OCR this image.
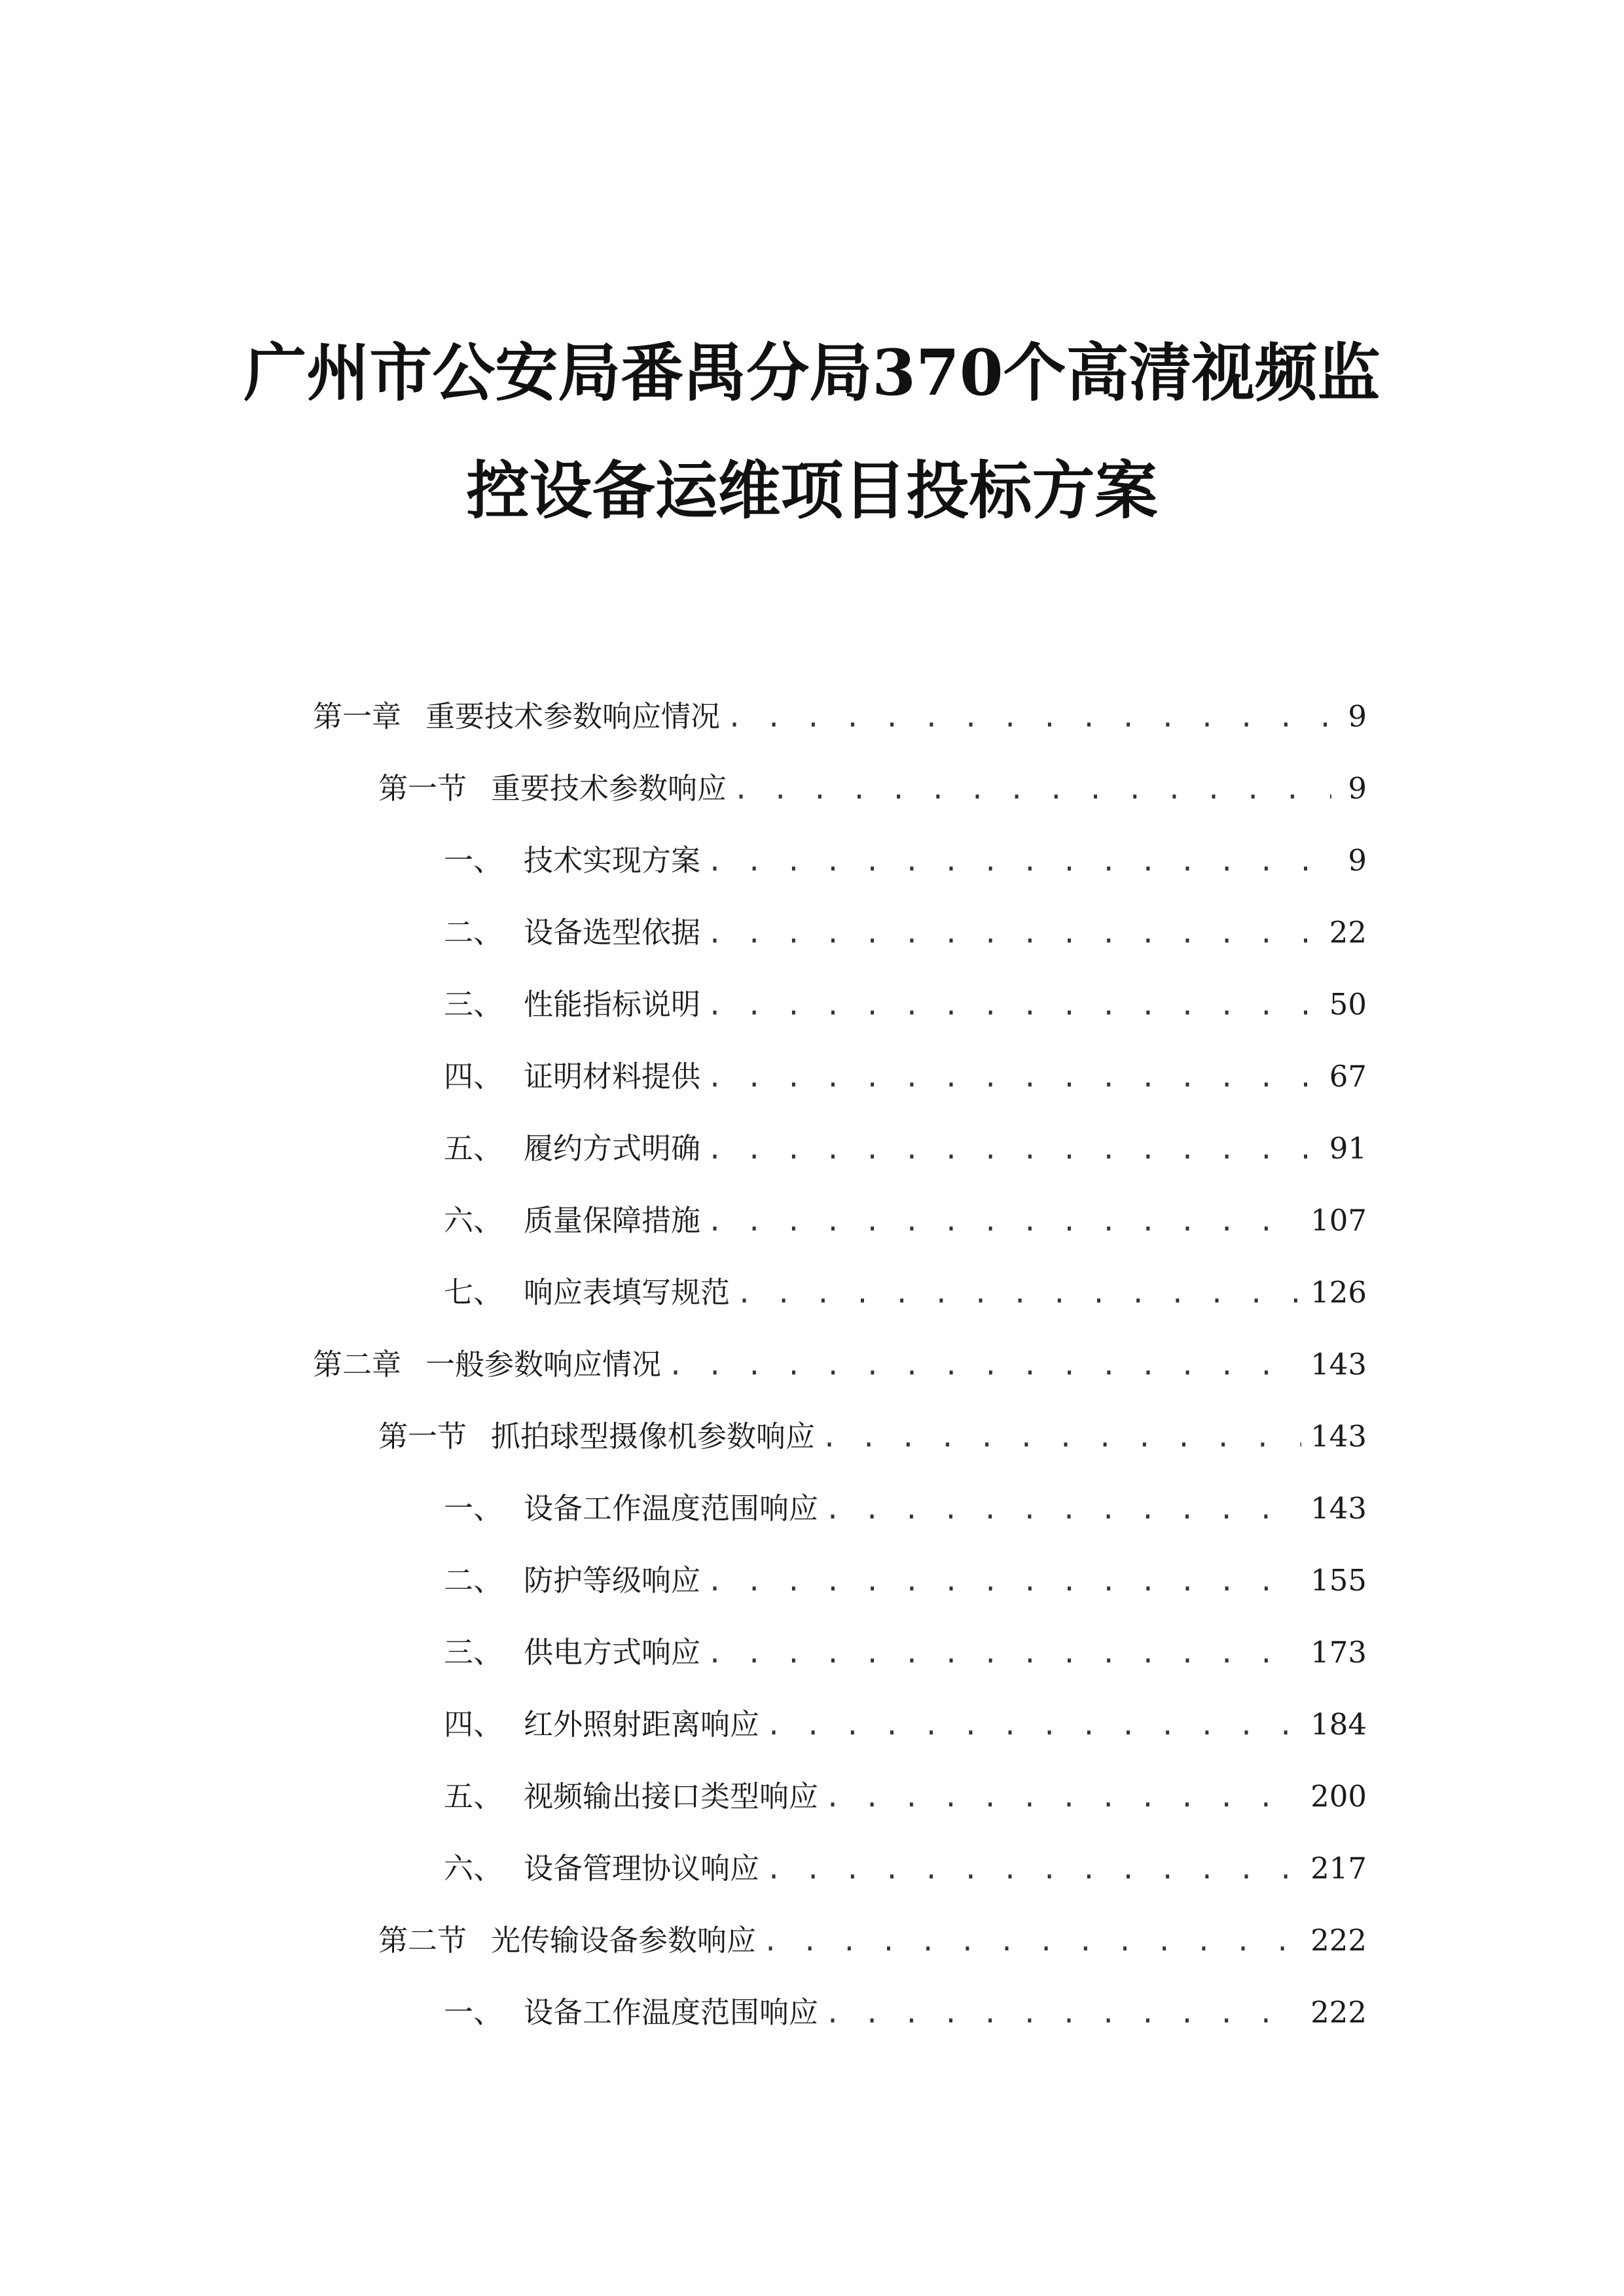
广州市公安局番禺分局370个高清视频监
控设备运维项目投标方案
第一章 重要技术参数响应情况 . . .	9
第一节 重要技术参数响应 . . .	9
一、 技术实现方案 . . .	9
二、 设备选型依据 . . .	22
三、 性能指标说明 . . .	50
四、 证明材料提供 . . .	67
五、 履约方式明确 . . .	91
六、 质量保障措施 . . .	107
七、 响应表填写规范 . . .	126
第二章 一般参数响应情况 . . .	143
第一节 抓拍球型摄像机参数响应 . . .	143
一、 设备工作温度范围响应 . . .	143
二、 防护等级响应 . . .	155
三、 供电方式响应 . . .	173
四、 红外照射距离响应 . . .	184
五、 视频输出接口类型响应 . . .	200
六、 设备管理协议响应 . . .	217
第二节 光传输设备参数响应 . . .	222
一、 设备工作温度范围响应 . . .	222
